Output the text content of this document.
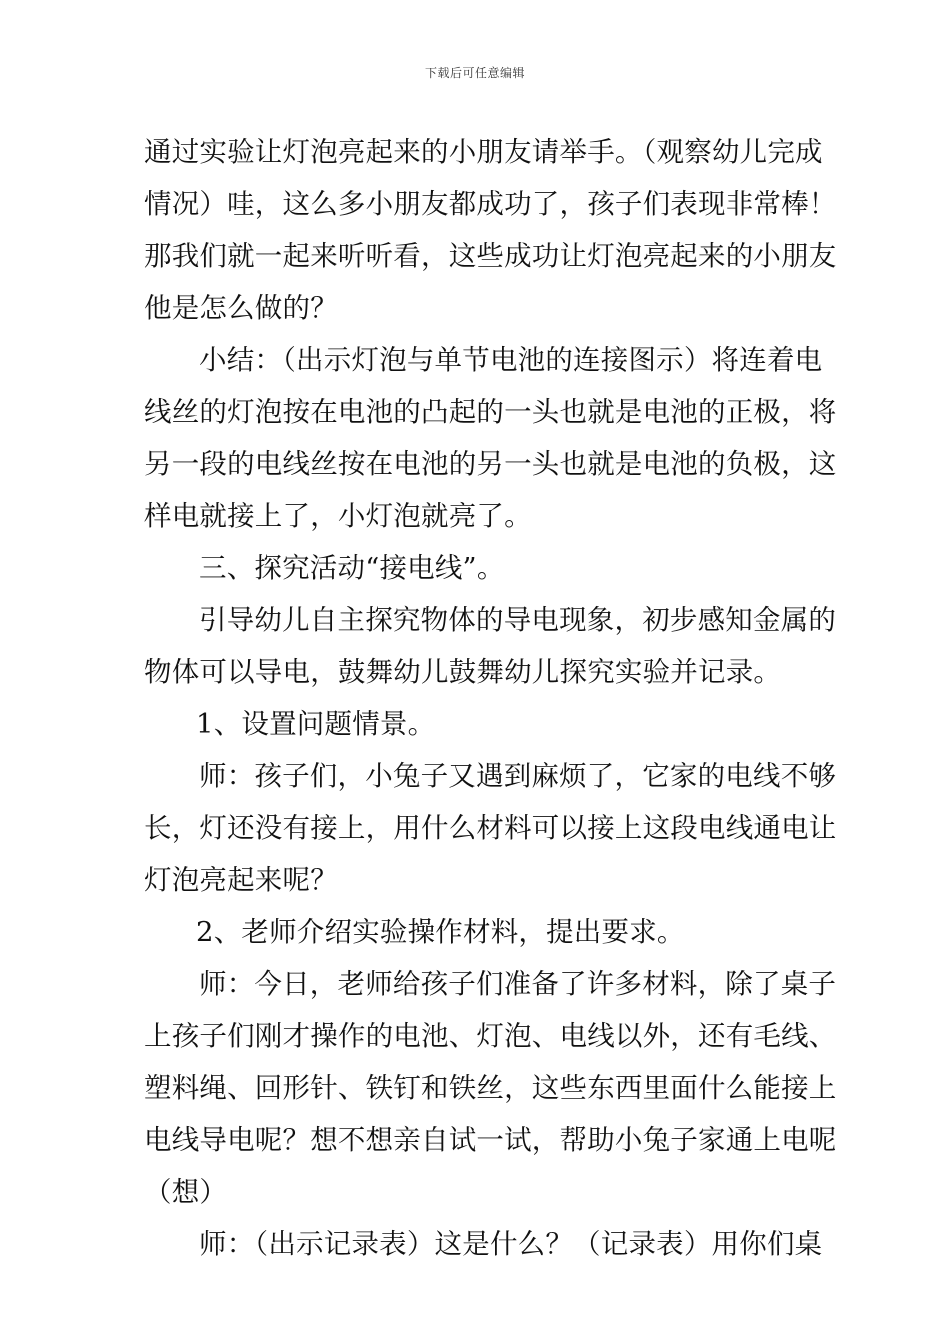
下载后可任意编辑
通过实验让灯泡亮起来的小朋友请举手。（观察幼儿完成
情况）哇，这么多小朋友都成功了，孩子们表现非常棒！
那我们就一起来听听看，这些成功让灯泡亮起来的小朋友
他是怎么做的？
小结：（出示灯泡与单节电池的连接图示）将连着电
线丝的灯泡按在电池的凸起的一头也就是电池的正极，将
另一段的电线丝按在电池的另一头也就是电池的负极，这
样电就接上了，小灯泡就亮了。
三、探究活动“接电线”。
引导幼儿自主探究物体的导电现象，初步感知金属的
物体可以导电，鼓舞幼儿鼓舞幼儿探究实验并记录。
1、设置问题情景。
师：孩子们，小兔子又遇到麻烦了，它家的电线不够
长，灯还没有接上，用什么材料可以接上这段电线通电让
灯泡亮起来呢？
2、老师介绍实验操作材料，提出要求。
师：今日，老师给孩子们准备了许多材料，除了桌子
上孩子们刚才操作的电池、灯泡、电线以外，还有毛线、
塑料绳、回形针、铁钉和铁丝，这些东西里面什么能接上
电线导电呢？想不想亲自试一试，帮助小兔子家通上电呢
（想）
师：（出示记录表）这是什么？（记录表）用你们桌
